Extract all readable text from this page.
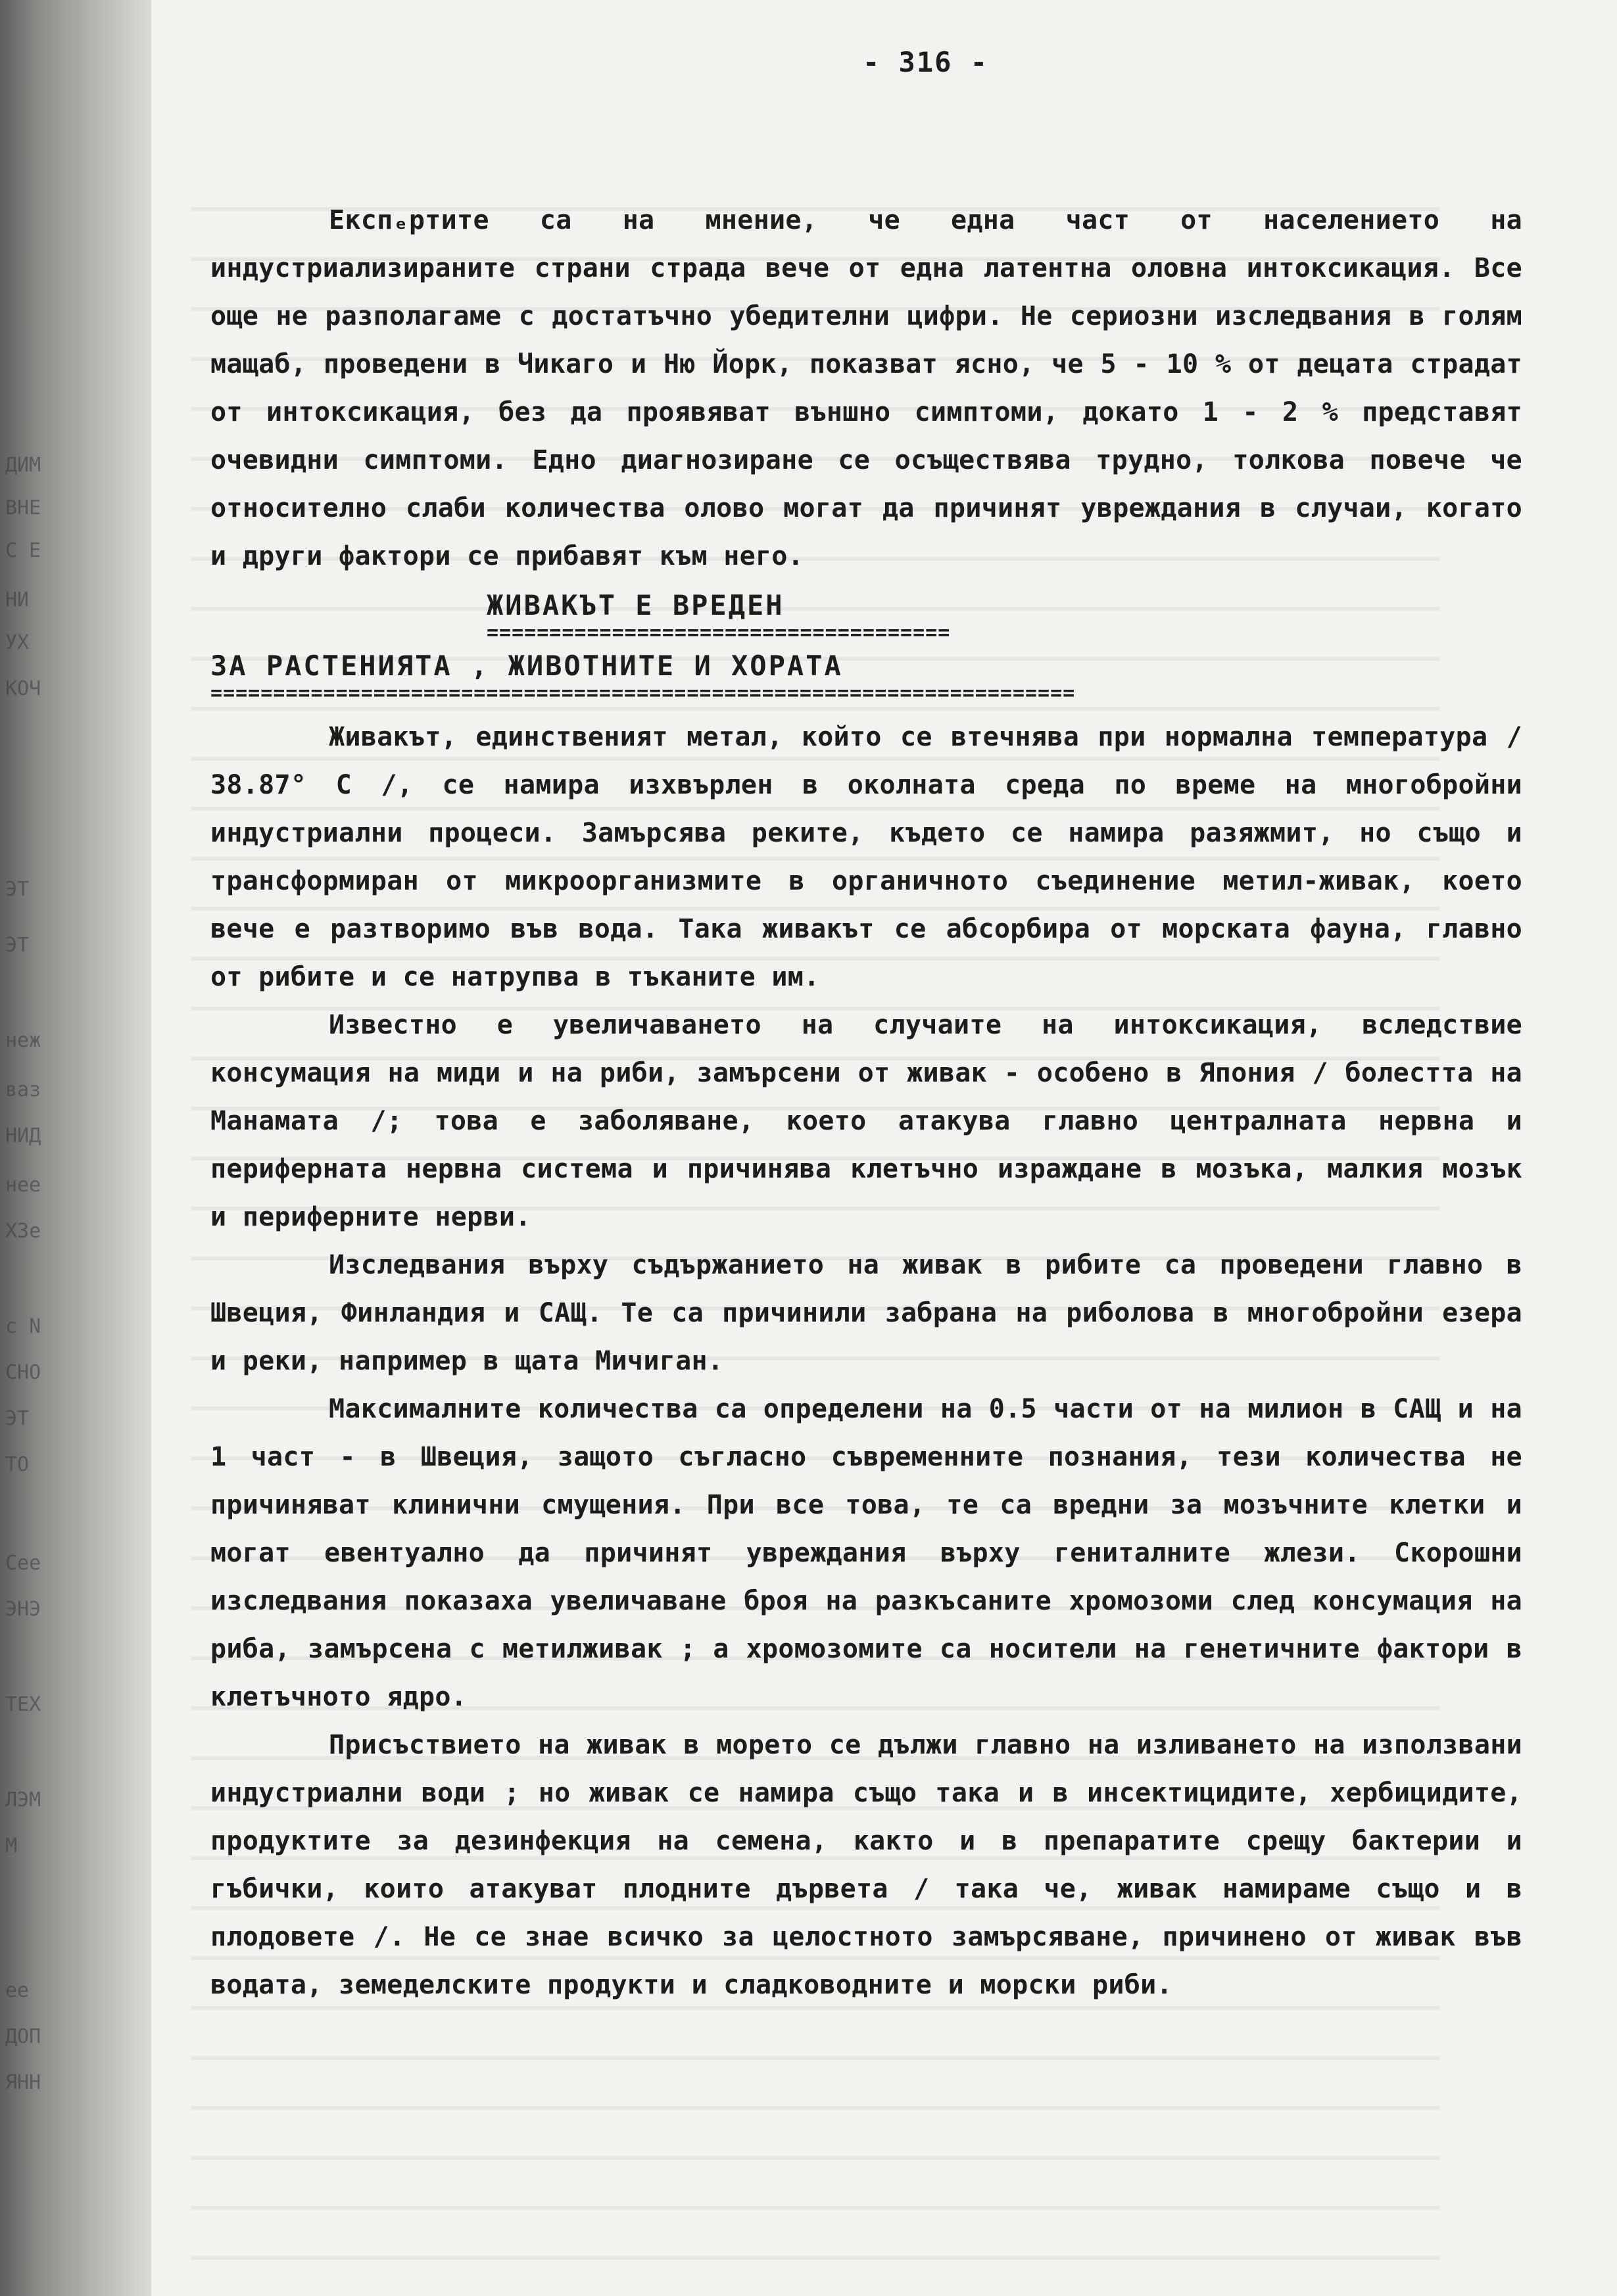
ДИМ
ВНЕ
С Е
НИ
УХ
КОЧ
ЭТ
ЭТ
неж
ваз
НИД
нее
ХЗе
с N
СНО
ЭТ
ТО
Сее
ЭНЭ
ТЕХ
ЛЭМ
М
ее
ДОП
ЯНН
- 316 -

Експₑртите са на мнение, че една част от населението на индустриализираните страни страда вече от една латентна оловна интоксикация. Все още не разполагаме с достатъчно убедителни цифри. Не сериозни изследвания в голям мащаб, проведени в Чикаго и Ню Йорк, показват ясно, че 5 - 10 % от децата страдат от интоксикация, без да проявяват външно симптоми, докато 1 - 2 % представят очевидни симптоми. Едно диагнозиране се осъществява трудно, толкова повече че относително слаби количества олово могат да причинят увреждания в случаи, когато и други фактори се прибавят към него.

ЖИВАКЪТ Е ВРЕДЕН
=====================================
ЗА РАСТЕНИЯТА , ЖИВОТНИТЕ И ХОРАТА
=====================================================================

Живакът, единственият метал, който се втечнява при нормална температура / 38.87° С /, се намира изхвърлен в околната среда по време на многобройни индустриални процеси. Замърсява реките, където се намира разяжмит, но също и трансформиран от микроорганизмите в органичното съединение метил-живак, което вече е разтворимо във вода. Така живакът се абсорбира от морската фауна, главно от рибите и се натрупва в тъканите им.

Известно е увеличаването на случаите на интоксикация, вследствие консумация на миди и на риби, замърсени от живак - особено в Япония / болестта на Манамата /; това е заболяване, което атакува главно централната нервна и периферната нервна система и причинява клетъчно израждане в мозъка, малкия мозък и периферните нерви.

Изследвания върху съдържанието на живак в рибите са проведени главно в Швеция, Финландия и САЩ. Те са причинили забрана на риболова в многобройни езера и реки, например в щата Мичиган.

Максималните количества са определени на 0.5 части от на милион в САЩ и на 1 част - в Швеция, защото съгласно съвременните познания, тези количества не причиняват клинични смущения. При все това, те са вредни за мозъчните клетки и могат евентуално да причинят увреждания върху гениталните жлези. Скорошни изследвания показаха увеличаване броя на разкъсаните хромозоми след консумация на риба, замърсена с метилживак ; а хромозомите са носители на генетичните фактори в клетъчното ядро.

Присъствието на живак в морето се дължи главно на изливането на използвани индустриални води ; но живак се намира също така и в инсектицидите, хербицидите, продуктите за дезинфекция на семена, както и в препаратите срещу бактерии и гъбички, които атакуват плодните дървета / така че, живак намираме също и в плодовете /. Не се знае всичко за целостното замърсяване, причинено от живак във водата, земеделските продукти и сладководните и морски риби.
